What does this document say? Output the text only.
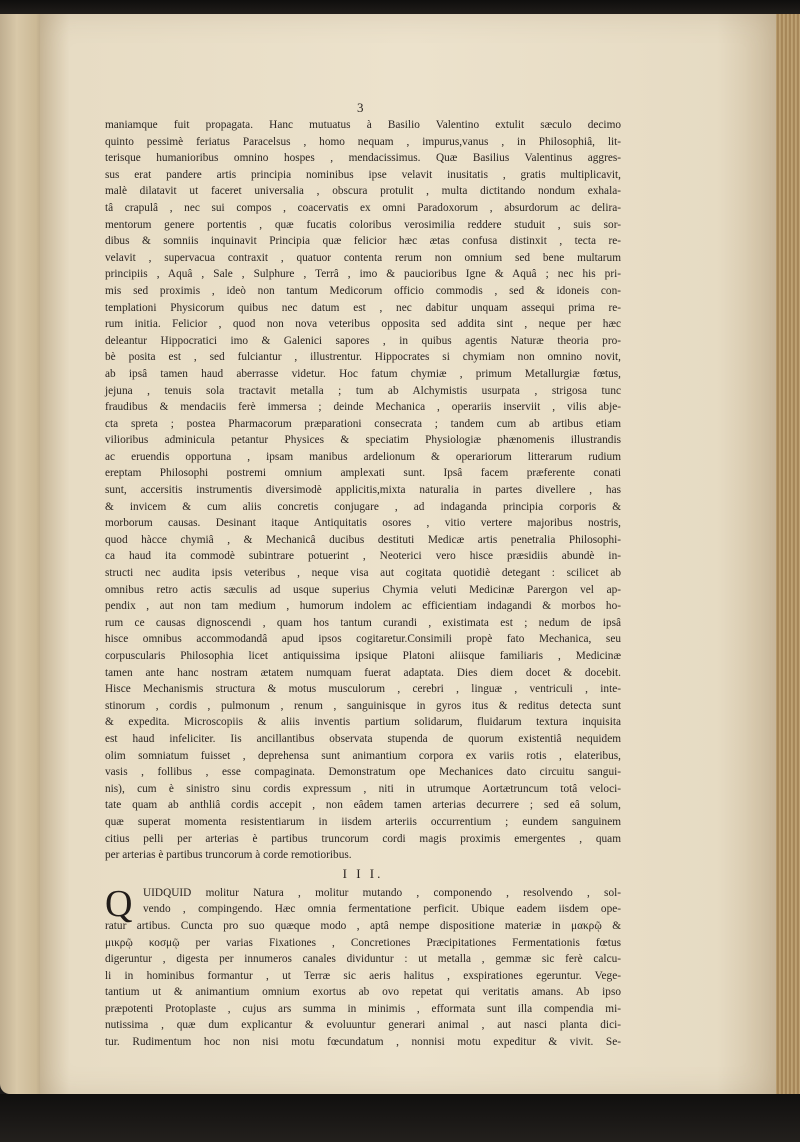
3
maniamque fuit propagata. Hanc mutuatus à Basilio Valentino extulit sæculo decimo
quinto pessimè feriatus Paracelsus , homo nequam , impurus,vanus , in Philosophiâ, lit-
terisque humanioribus omnino hospes , mendacissimus. Quæ Basilius Valentinus aggres-
sus erat pandere artis principia nominibus ipse velavit inusitatis , gratis multiplicavit,
malè dilatavit ut faceret universalia , obscura protulit , multa dictitando nondum exhala-
tâ crapulâ , nec sui compos , coacervatis ex omni Paradoxorum , absurdorum ac delira-
mentorum genere portentis , quæ fucatis coloribus verosimilia reddere studuit , suis sor-
dibus & somniis inquinavit Principia quæ felicior hæc ætas confusa distinxit , tecta re-
velavit , supervacua contraxit , quatuor contenta rerum non omnium sed bene multarum
principiis , Aquâ , Sale , Sulphure , Terrâ , imo & paucioribus Igne & Aquâ ; nec his pri-
mis sed proximis , ideò non tantum Medicorum officio commodis , sed & idoneis con-
templationi Physicorum quibus nec datum est , nec dabitur unquam assequi prima re-
rum initia. Felicior , quod non nova veteribus opposita sed addita sint , neque per hæc
deleantur Hippocratici imo & Galenici sapores , in quibus agentis Naturæ theoria pro-
bè posita est , sed fulciantur , illustrentur. Hippocrates si chymiam non omnino novit,
ab ipsâ tamen haud aberrasse videtur. Hoc fatum chymiæ , primum Metallurgiæ fœtus,
jejuna , tenuis sola tractavit metalla ; tum ab Alchymistis usurpata , strigosa tunc
fraudibus & mendaciis ferè immersa ; deinde Mechanica , operariis inserviit , vilis abje-
cta spreta ; postea Pharmacorum præparationi consecrata ; tandem cum ab artibus etiam
vilioribus adminicula petantur Physices & speciatim Physiologiæ phænomenis illustrandis
ac eruendis opportuna , ipsam manibus ardelionum & operariorum litterarum rudium
ereptam Philosophi postremi omnium amplexati sunt. Ipsâ facem præferente conati
sunt, accersitis instrumentis diversimodè applicitis,mixta naturalia in partes divellere , has
& invicem & cum aliis concretis conjugare , ad indaganda principia corporis &
morborum causas. Desinant itaque Antiquitatis osores , vitio vertere majoribus nostris,
quod hàcce chymiâ , & Mechanicâ ducibus destituti Medicæ artis penetralia Philosophi-
ca haud ita commodè subintrare potuerint , Neoterici vero hisce præsidiis abundè in-
structi nec audita ipsis veteribus , neque visa aut cogitata quotidiè detegant : scilicet ab
omnibus retro actis sæculis ad usque superius Chymia veluti Medicinæ Parergon vel ap-
pendix , aut non tam medium , humorum indolem ac efficientiam indagandi & morbos ho-
rum ce causas dignoscendi , quam hos tantum curandi , existimata est ; nedum de ipsâ
hisce omnibus accommodandâ apud ipsos cogitaretur.Consimili propè fato Mechanica, seu
corpuscularis Philosophia licet antiquissima ipsique Platoni aliisque familiaris , Medicinæ
tamen ante hanc nostram ætatem numquam fuerat adaptata. Dies diem docet & docebit.
Hisce Mechanismis structura & motus musculorum , cerebri , linguæ , ventriculi , inte-
stinorum , cordis , pulmonum , renum , sanguinisque in gyros itus & reditus detecta sunt
& expedita. Microscopiis & aliis inventis partium solidarum, fluidarum textura inquisita
est haud infeliciter. Iis ancillantibus observata stupenda de quorum existentiâ nequidem
olim somniatum fuisset , deprehensa sunt animantium corpora ex variis rotis , elateribus,
vasis , follibus , esse compaginata. Demonstratum ope Mechanices dato circuitu sangui-
nis), cum è sinistro sinu cordis expressum , niti in utrumque Aortætruncum totâ veloci-
tate quam ab anthliâ cordis accepit , non eâdem tamen arterias decurrere ; sed eâ solum,
quæ superat momenta resistentiarum in iisdem arteriis occurrentium ; eundem sanguinem
citius pelli per arterias è partibus truncorum cordi magis proximis emergentes , quam
per arterias è partibus truncorum à corde remotioribus.
I I I.
Q UIDQUID molitur Natura , molitur mutando , componendo , resolvendo , sol-
vendo , compingendo. Hæc omnia fermentatione perficit. Ubique eadem iisdem ope-
ratur artibus. Cuncta pro suo quæque modo , aptâ nempe dispositione materiæ in μακρῷ &
μικρῷ κοσμῷ per varias Fixationes , Concretiones Præcipitationes Fermentationis fœtus
digeruntur , digesta per innumeros canales dividuntur : ut metalla , gemmæ sic ferè calcu-
li in hominibus formantur , ut Terræ sic aeris halitus , exspirationes egeruntur. Vege-
tantium ut & animantium omnium exortus ab ovo repetat qui veritatis amans. Ab ipso
præpotenti Protoplaste , cujus ars summa in minimis , efformata sunt illa compendia mi-
nutissima , quæ dum explicantur & evoluuntur generari animal , aut nasci planta dici-
tur. Rudimentum hoc non nisi motu fœcundatum , nonnisi motu expeditur & vivit. Se-
